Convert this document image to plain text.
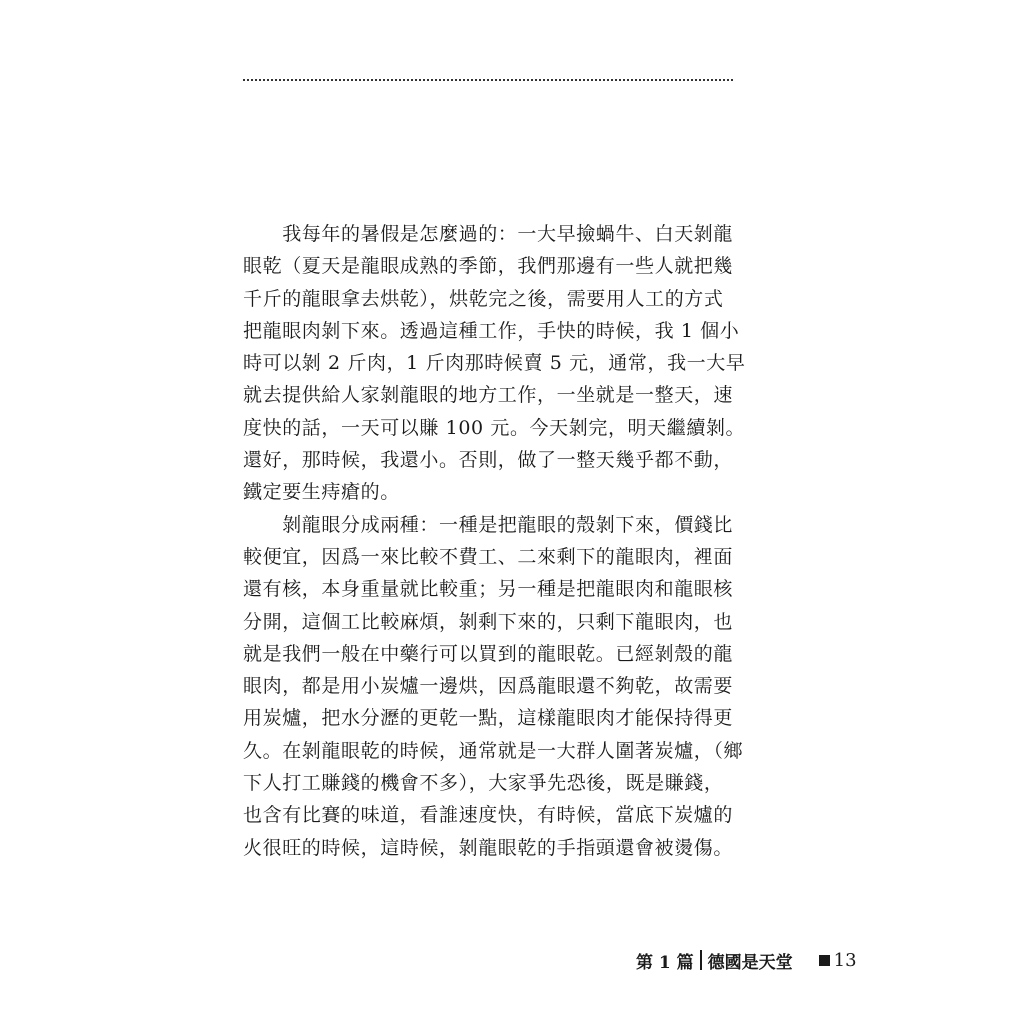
　　我每年的暑假是怎麼過的：一大早撿蝸牛、白天剝龍
眼乾（夏天是龍眼成熟的季節，我們那邊有一些人就把幾
千斤的龍眼拿去烘乾），烘乾完之後，需要用人工的方式
把龍眼肉剝下來。透過這種工作，手快的時候，我 1 個小
時可以剝 2 斤肉，1 斤肉那時候賣 5 元，通常，我一大早
就去提供給人家剝龍眼的地方工作，一坐就是一整天，速
度快的話，一天可以賺 100 元。今天剝完，明天繼續剝。
還好，那時候，我還小。否則，做了一整天幾乎都不動，
鐵定要生痔瘡的。
　　剝龍眼分成兩種：一種是把龍眼的殼剝下來，價錢比
較便宜，因爲一來比較不費工、二來剩下的龍眼肉，裡面
還有核，本身重量就比較重；另一種是把龍眼肉和龍眼核
分開，這個工比較麻煩，剝剩下來的，只剩下龍眼肉，也
就是我們一般在中藥行可以買到的龍眼乾。已經剝殼的龍
眼肉，都是用小炭爐一邊烘，因爲龍眼還不夠乾，故需要
用炭爐，把水分瀝的更乾一點，這樣龍眼肉才能保持得更
久。在剝龍眼乾的時候，通常就是一大群人圍著炭爐，（鄉
下人打工賺錢的機會不多），大家爭先恐後，既是賺錢，
也含有比賽的味道，看誰速度快，有時候，當底下炭爐的
火很旺的時候，這時候，剝龍眼乾的手指頭還會被燙傷。
第 1 篇 德國是天堂 13
